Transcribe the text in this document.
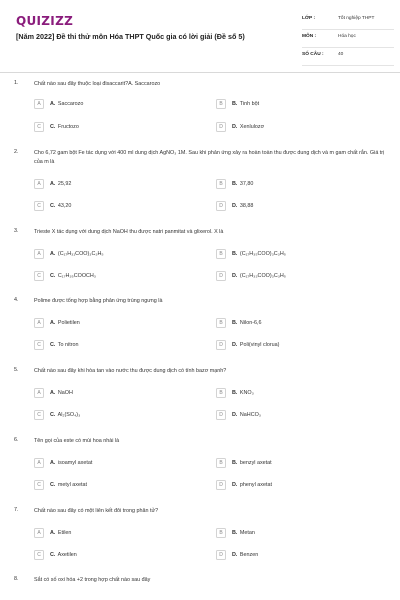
QUIZIZZ
[Năm 2022] Đề thi thử môn Hóa THPT Quốc gia có lời giải (Đề số 5)
LỚP :	Tốt nghiệp THPT
MÔN :	Hóa học
SỐ CÂU :	40
1.	Chất nào sau đây thuộc loại đisaccarit?A. Saccarozo
A	A. Saccarozo	B	B. Tinh bột
C	C. Fructozo	D	D. Xenlulozơ
2.	Cho 6,72 gam bột Fe tác dụng với 400 ml dung dịch AgNO₃ 1M. Sau khi phản ứng xảy ra hoàn toàn thu được dung dịch và m gam chất rắn. Giá trị của m là
A	A. 25,92	B	B. 37,80
C	C. 43,20	D	D. 38,88
3.	Trieste X tác dụng với dung dịch NaOH thu được natri panmitat và glixerol. X là
A	A. (C₁₇H₃₁COO)₃C₃H₅	B	B. (C₁₇H₃₅COO)₃C₃H₅
C	C. C₁₇H₃₅COOCH₃	D	D. (C₁₇H₃₃COO)₃C₃H₅
4.	Polime được tổng hợp bằng phản ứng trùng ngưng là
A	A. Polietilen	B	B. Nilon-6,6
C	C. To nitron	D	D. Poli(vinyl clorua)
5.	Chất nào sau đây khi hòa tan vào nước thu được dung dịch có tính bazơ mạnh?
A	A. NaOH	B	B. KNO₃
C	C. Al₂(SO₄)₃	D	D. NaHCO₃
6.	Tên gọi của este có mùi hoa nhài là
A	A. isoamyl axetat	B	B. benzyl axetat
C	C. metyl axetat	D	D. phenyl axetat
7.	Chất nào sau đây có một liên kết đôi trong phân tử?
A	A. Etilen	B	B. Metan
C	C. Axetilen	D	D. Benzen
8.	Sắt có số oxi hóa +2 trong hợp chất nào sau đây
